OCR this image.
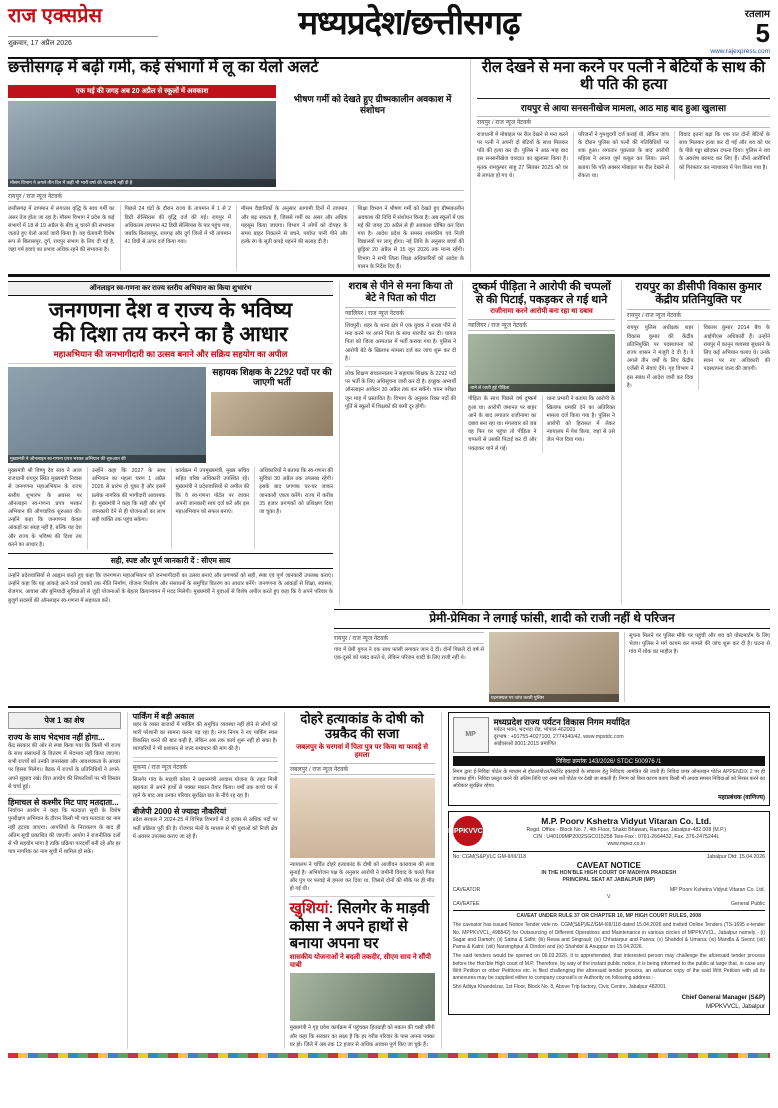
राज एक्सप्रेस
शुक्रवार, 17 अप्रैल 2026
मध्यप्रदेश/छत्तीसगढ़	रतलाम
5
www.rajexpress.com
छत्तीसगढ़ में बढ़ी गर्मी, कई संभागों में लू का येलो अलर्ट
एक मई की जगह अब 20 अप्रैल से स्कूलों में अवकाश
मौसम विभाग ने अगले तीन दिन में कहीं भी भारी वर्षा की चेतावनी नहीं दी है
भीषण गर्मी को देखते हुए ग्रीष्मकालीन अवकाश में संशोधन
रायपुर / राज न्यूज नेटवर्क
छत्तीसगढ़ में तापमान में लगातार वृद्धि के साथ गर्मी का असर तेज होता जा रहा है। मौसम विभाग ने प्रदेश के कई संभागों में 18 से 19 अप्रैल के बीच लू चलने की संभावना जताते हुए येलो अलर्ट जारी किया है। यह चेतावनी विशेष रूप से बिलासपुर, दुर्ग, रायपुर संभाग के लिए दी गई है, जहां गर्म हवाएं का प्रभाव अधिक रहने की संभावना है।
पिछले 24 घंटों के दौरान राज्य के तापमान में 1 से 2 डिग्री सेल्सियस की वृद्धि दर्ज की गई। रायपुर में अधिकतम तापमान 42 डिग्री सेल्सियस के पार पहुंच गया, जबकि बिलासपुर, रायगढ़ और दुर्ग जिलों में भी तापमान 41 डिग्री से ऊपर दर्ज किया गया।
मौसम वैज्ञानिकों के अनुसार आगामी दिनों में तापमान और बढ़ सकता है, जिससे गर्मी का असर और अधिक महसूस किया जाएगा। विभाग ने लोगों को दोपहर के समय बाहर निकलने से बचने, पर्याप्त पानी पीने और हल्के रंग के सूती कपड़े पहनने की सलाह दी है।
शिक्षा विभाग ने भीषण गर्मी को देखते हुए ग्रीष्मकालीन अवकाश की तिथि में संशोधन किया है। अब स्कूलों में एक मई की जगह 20 अप्रैल से ही अवकाश घोषित कर दिया गया है। आदेश प्रदेश के समस्त शासकीय एवं निजी विद्यालयों पर लागू होगा। नई तिथि के अनुसार बच्चों की छुट्टियां 20 अप्रैल से 15 जून 2026 तक मान्य रहेंगी। विभाग ने सभी जिला शिक्षा अधिकारियों को आदेश के पालन के निर्देश दिए हैं।
रील देखने से मना करने पर पत्नी ने बेटियों के साथ की थी पति की हत्या
रायपुर से आया सनसनीखेज मामला, आठ माह बाद हुआ खुलासा
रायपुर / राज न्यूज नेटवर्क
राजधानी में मोबाइल पर रील देखने से मना करने पर पत्नी ने अपनी दो बेटियों के साथ मिलकर पति की हत्या कर दी। पुलिस ने आठ माह बाद इस सनसनीखेज वारदात का खुलासा किया है। मृतक रामकुमार साहू 27 सितंबर 2025 को घर से लापता हो गए थे।
परिजनों ने गुमशुदगी दर्ज कराई थी, लेकिन जांच के दौरान पुलिस को पत्नी की गतिविधियों पर शक हुआ। लगातार पूछताछ के बाद आरोपी महिला ने अपना जुर्म कबूल कर लिया। उसने बताया कि पति अक्सर मोबाइल पर रील देखने से रोकता था।
विवाद इतना बढ़ा कि एक रात दोनों बेटियों के साथ मिलकर हत्या कर दी गई और शव को घर के पीछे गड्ढा खोदकर दफना दिया। पुलिस ने शव के अवशेष बरामद कर लिए हैं। तीनों आरोपियों को गिरफ्तार कर न्यायालय में पेश किया गया है।
ऑनलाइन स्व-गणना कर राज्य स्तरीय अभियान का किया शुभारंभ
जनगणना देश व राज्य के भविष्य
की दिशा तय करने का है आधार
महाअभियान की जनभागीदारी का उत्सव बनाने और सक्रिय सहयोग का अपील
मुख्यमंत्री ने ऑनलाइन स्व-गणना प्रपत्र भरकर अभियान की शुरुआत की
सहायक शिक्षक के 2292 पदों पर की जाएगी भर्ती
मुख्यमंत्री श्री विष्णु देव साय ने आज राजधानी रायपुर स्थित मुख्यमंत्री निवास से जनगणना महाअभियान के राज्य स्तरीय शुभारंभ के अवसर पर ऑनलाइन स्व-गणना प्रपत्र भरकर अभियान की औपचारिक शुरुआत की। उन्होंने कहा कि जनगणना केवल आंकड़ों का संग्रह नहीं है, बल्कि यह देश और राज्य के भविष्य की दिशा तय करने का आधार है।
उन्होंने कहा कि 2027 के साथ अभियान का पहला चरण 1 अप्रैल 2026 से प्रारंभ हो चुका है और इसमें प्रत्येक नागरिक की भागीदारी आवश्यक है। मुख्यमंत्री ने कहा कि सही और पूर्ण जानकारी देने से ही योजनाओं का लाभ सही व्यक्ति तक पहुंच सकेगा।
कार्यक्रम में उपमुख्यमंत्री, मुख्य सचिव सहित वरिष्ठ अधिकारी उपस्थित रहे। मुख्यमंत्री ने प्रदेशवासियों से अपील की कि वे स्व-गणना पोर्टल पर जाकर अपनी जानकारी स्वयं दर्ज करें और इस महाअभियान को सफल बनाएं।
अधिकारियों ने बताया कि स्व-गणना की सुविधा 30 अप्रैल तक उपलब्ध रहेगी। इसके बाद प्रगणक घर-घर जाकर जानकारी एकत्र करेंगे। राज्य में करीब 35 हजार प्रगणकों को प्रशिक्षण दिया जा चुका है।
सही, स्पष्ट और पूर्ण जानकारी दें : सीएम साय
उन्होंने प्रदेशवासियों से आह्वान करते हुए कहा कि जनगणना महाअभियान को जनभागीदारी का उत्सव बनाएं और प्रगणकों को सही, स्पष्ट एवं पूर्ण जानकारी उपलब्ध कराएं। उन्होंने कहा कि यह आंकड़े आने वाले दशकों तक नीति निर्माण, योजना निर्धारण और संसाधनों के समुचित वितरण का आधार बनेंगे। जनगणना के आंकड़ों से शिक्षा, स्वास्थ्य, रोजगार, आवास और बुनियादी सुविधाओं से जुड़ी योजनाओं के बेहतर क्रियान्वयन में मदद मिलेगी। मुख्यमंत्री ने युवाओं से विशेष अपील करते हुए कहा कि वे अपने परिवार के बुजुर्ग सदस्यों की ऑनलाइन स्व-गणना में सहायता करें।
शराब से पीने से मना किया तो बेटे ने पिता को पीटा
ग्वालियर / राज न्यूज नेटवर्क
शिवपुरी। शहर के थाना क्षेत्र में एक युवक ने शराब पीने से मना करने पर अपने पिता के साथ मारपीट कर दी। घायल पिता को जिला अस्पताल में भर्ती कराया गया है। पुलिस ने आरोपी बेटे के खिलाफ मामला दर्ज कर जांच शुरू कर दी है।
लोक शिक्षण संचालनालय ने सहायक शिक्षक के 2292 पदों पर भर्ती के लिए अधिसूचना जारी कर दी है। इच्छुक अभ्यर्थी ऑनलाइन आवेदन 30 अप्रैल तक कर सकेंगे। चयन परीक्षा जून माह में प्रस्तावित है। विभाग के अनुसार रिक्त पदों की पूर्ति से स्कूलों में शिक्षकों की कमी दूर होगी।
दुष्कर्म पीड़िता ने आरोपी की चप्पलों से की पिटाई, पकड़कर ले गई थाने
राजीनामा करने आरोपी बना रहा था दबाव
ग्वालियर / राज न्यूज नेटवर्क
थाने ले जाती हुई पीड़िता
पीड़िता के साथ पिछले वर्ष दुष्कर्म हुआ था। आरोपी जमानत पर बाहर आने के बाद लगातार राजीनामा का दबाव बना रहा था। मंगलवार को जब वह फिर घर पहुंचा तो पीड़िता ने चप्पलों से उसकी पिटाई कर दी और पकड़कर थाने ले गई।
थाना प्रभारी ने बताया कि आरोपी के खिलाफ धमकी देने का अतिरिक्त मामला दर्ज किया गया है। पुलिस ने आरोपी को हिरासत में लेकर न्यायालय में पेश किया, जहां से उसे जेल भेज दिया गया।
रायपुर का डीसीपी विकास कुमार केंद्रीय प्रतिनियुक्ति पर
रायपुर / राज न्यूज नेटवर्क
रायपुर पुलिस अधीक्षक शहर विकास कुमार की केंद्रीय प्रतिनियुक्ति पर पदस्थापना को राज्य शासन ने मंजूरी दे दी है। वे अगले तीन वर्षों के लिए केंद्रीय एजेंसी में सेवाएं देंगे। गृह विभाग ने इस संबंध में आदेश जारी कर दिया है।
विकास कुमार 2014 बैच के आईपीएस अधिकारी हैं। उन्होंने रायपुर में कानून व्यवस्था सुधारने के लिए कई अभियान चलाए थे। उनके स्थान पर नए अधिकारी की पदस्थापना जल्द की जाएगी।
प्रेमी-प्रेमिका ने लगाई फांसी, शादी को राजी नहीं थे परिजन
रायपुर / राज न्यूज नेटवर्क
गांव में प्रेमी युगल ने एक साथ फांसी लगाकर जान दे दी। दोनों पिछले दो वर्ष से एक-दूसरे को पसंद करते थे, लेकिन परिजन शादी के लिए राजी नहीं थे।
घटनास्थल पर जांच करती पुलिस
सूचना मिलने पर पुलिस मौके पर पहुंची और शव को पोस्टमार्टम के लिए भेजा। पुलिस ने मर्ग कायम कर मामले की जांच शुरू कर दी है। घटना से गांव में शोक का माहौल है।
पेज 1 का शेष
राज्य के साथ भेदभाव नहीं होगा...
केंद्र सरकार की ओर से स्पष्ट किया गया कि किसी भी राज्य के साथ संसाधनों के वितरण में भेदभाव नहीं किया जाएगा। सभी राज्यों को उनकी जनसंख्या और आवश्यकता के आधार पर हिस्सा मिलेगा। बैठक में राज्यों के प्रतिनिधियों ने अपने-अपने सुझाव रखे। वित्त आयोग की सिफारिशों पर भी विस्तार से चर्चा हुई।
हिमाचल से कश्मीर मिट पाए मतदाता...
निर्वाचन आयोग ने कहा कि मतदाता सूची के विशेष पुनरीक्षण अभियान के दौरान किसी भी पात्र मतदाता का नाम नहीं हटाया जाएगा। आपत्तियों के निराकरण के बाद ही अंतिम सूची प्रकाशित की जाएगी। आयोग ने राजनीतिक दलों से भी सहयोग मांगा है ताकि प्रक्रिया पारदर्शी बनी रहे और हर पात्र नागरिक का नाम सूची में शामिल हो सके।
पार्किंग में बड़ी अकाल
शहर के व्यस्त बाजारों में पार्किंग की समुचित व्यवस्था नहीं होने से लोगों को भारी परेशानी का सामना करना पड़ रहा है। नगर निगम ने नए पार्किंग स्थल विकसित करने की बात कही है, लेकिन अब तक कार्य शुरू नहीं हो सका है। व्यापारियों ने भी प्रशासन से जल्द समाधान की मांग की है।
सुकमा / राज न्यूज नेटवर्क
सिलगेर गांव के माड़वी कोसा ने प्रधानमंत्री आवास योजना के तहत मिली सहायता से अपने हाथों से पक्का मकान तैयार किया। वर्षों तक कच्चे घर में रहने के बाद अब उनका परिवार सुरक्षित छत के नीचे रह रहा है।
बीजेपी 2000 से ज्यादा नौकरियां
प्रदेश सरकार ने 2024-25 में विभिन्न विभागों में दो हजार से अधिक पदों पर भर्ती प्रक्रिया पूरी की है। रोजगार मेलों के माध्यम से भी युवाओं को निजी क्षेत्र में अवसर उपलब्ध कराए जा रहे हैं।
दोहरे हत्याकांड के दोषी को उम्रकैद की सजा
जबलपुर के चरगवां में पिता पुत्र पर किया था फावड़े से हमला
जबलपुर / राज न्यूज नेटवर्क
न्यायालय ने चर्चित दोहरे हत्याकांड के दोषी को आजीवन कारावास की सजा सुनाई है। अभियोजन पक्ष के अनुसार आरोपी ने जमीनी विवाद के चलते पिता और पुत्र पर फावड़े से हमला कर दिया था, जिससे दोनों की मौके पर ही मौत हो गई थी।
खुशियां: सिलगेर के माड़वी कोसा ने अपने हाथों से बनाया अपना घर
शासकीय योजनाओं ने बदली तकदीर, सीएम साय ने सौंपी चाबी
मुख्यमंत्री ने गृह प्रवेश कार्यक्रम में पहुंचकर हितग्राही को मकान की चाबी सौंपी और कहा कि सरकार का लक्ष्य है कि हर गरीब परिवार के पास अपना पक्का घर हो। जिले में अब तक 12 हजार से अधिक आवास पूर्ण किए जा चुके हैं।
MP
मध्यप्रदेश राज्य पर्यटन विकास निगम मर्यादित
पर्यटन भवन, भदभदा रोड, भोपाल-462003
दूरभाष : +91755-4027100, 2774340/42, www.mpstdc.com
आईएसओ 9001:2015 प्रमाणित
निविदा क्रमांक 143/2026/ STDC 500976 /1
निगम द्वारा ई-निविदा पोर्टल के माध्यम से होटल/मोटल/रेस्टोरेंट इकाइयों के संचालन हेतु निविदाएं आमंत्रित की जाती हैं। निविदा प्रपत्र ऑनलाइन पोर्टल APPENDIX 2 पर ही उपलब्ध होंगे। निविदा प्रस्तुत करने की अंतिम तिथि एवं अन्य शर्तें पोर्टल पर देखी जा सकती हैं। निगम को बिना कारण बताए किसी भी अथवा समस्त निविदाओं को निरस्त करने का अधिकार सुरक्षित रहेगा।
महाप्रबंधक (वाणिज्य)
MPPKVVCL
M.P. Poorv Kshetra Vidyut Vitaran Co. Ltd.
Regd. Office - Block No. 7, 4th Floor, Shakti Bhawan, Rampur, Jabalpur-482 008 (M.P.)
CIN : U40109MP2002SGC015258 Tele-Fax : 0761-2664432, Fax. 376-2475244L
www.mpez.co.in
No: CGM(S&P)/LC GM-II/III/118	Jabalpur Dtd: 15.04.2026
CAVEAT NOTICE
IN THE HON'BLE HIGH COURT OF MADHYA PRADESH
PRINCIPAL SEAT AT JABALPUR (MP)
CAVEATOR	MP Poorv Kshetra Vidyut Vitaran Co. Ltd.
V
CAVEATEE	General Public
CAVEAT UNDER RULE 37 OR CHAPTER 10, MP HIGH COURT RULES, 2008
The caveator has issued Notice Tender vide no. CGM(S&P)/EZ/GM-I/III/118 dated 15.04.2026 and invited Online Tenders (TS-1695 e-tender No. MPPKVVCL_498842) for Outsourcing of Different Operations and Maintenance in various circles of MPPKVVCL, Jabalpur namely - (i) Sagar and Damoh; (ii) Satna & Sidhi; (iii) Rewa and Singrauli; (iv) Chhatarpur and Panna; (v) Shahdol & Umaria; (vi) Mandla & Seoni; (vii) Pama & Katni; (viii) Narsinghpur & Dindori and (ix) Shahdol & Anuppur on 15.04.2026.
The said tenders would be opened on 06.03.2026. It is apprehended, that interested person may challenge the aforesaid tender process before the Hon'ble High court of M.P. Therefore, by way of the instant public notice, it is being informed to the public at large that, in case any Writ Petition or other Petitions etc. is filed challenging the aforesaid tender process, an advance copy of the said Writ Petition with all its annexures may be supplied either to company counsel's or Authority on following address :-
Shri Aditya Khandelzar, 1st Floor, Block No. 8, Above Trip factory, Civic Centre, Jabalpur 482001
Chief General Manager (S&P)
MPPKVVCL, Jabalpur
